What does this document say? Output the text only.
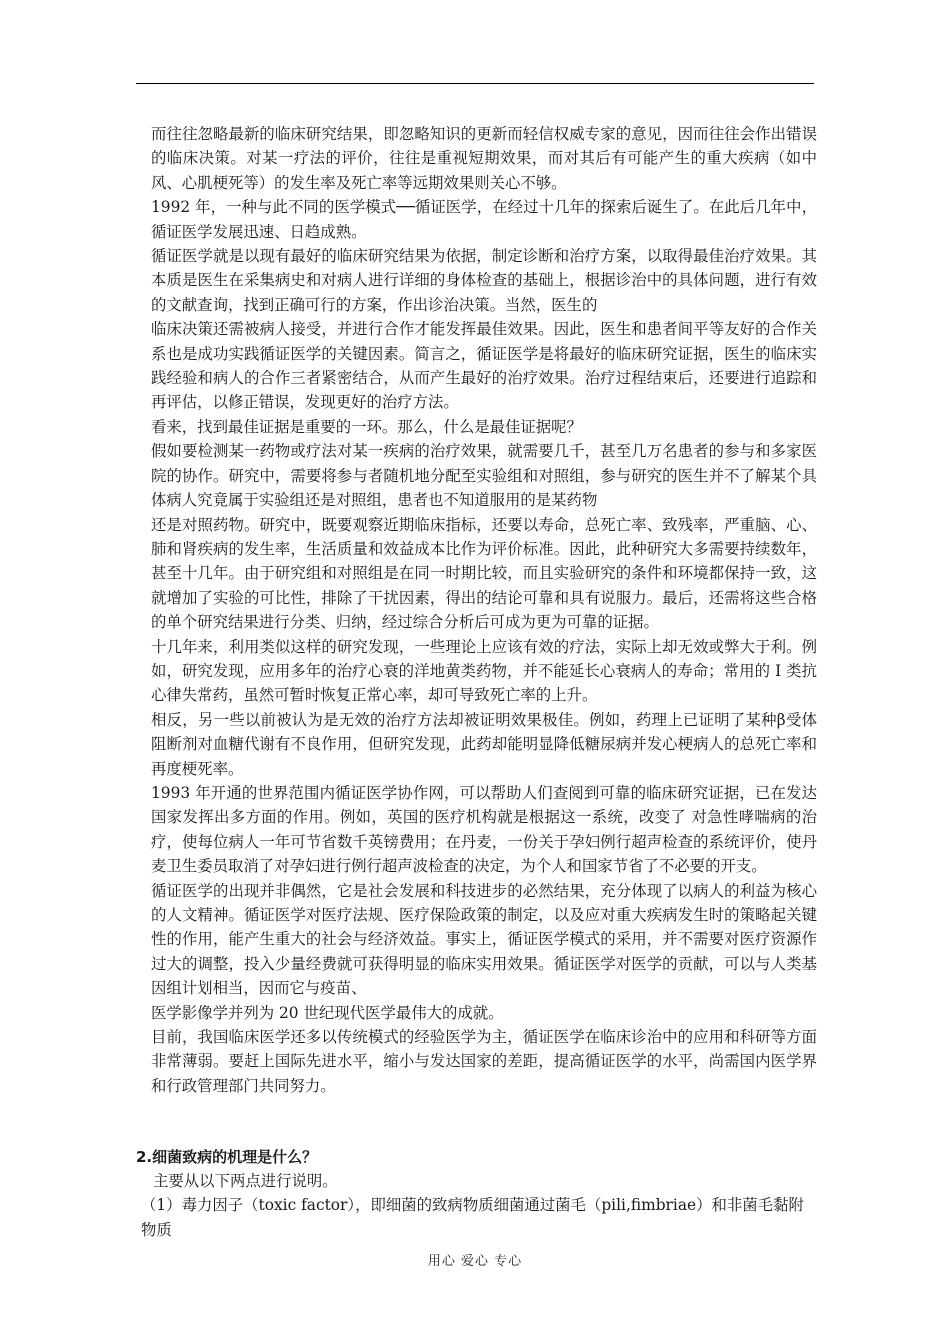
而往往忽略最新的临床研究结果，即忽略知识的更新而轻信权威专家的意见，因而往往会作出错误的临床决策。对某一疗法的评价，往往是重视短期效果，而对其后有可能产生的重大疾病（如中风、心肌梗死等）的发生率及死亡率等远期效果则关心不够。

1992 年，一种与此不同的医学模式──循证医学，在经过十几年的探索后诞生了。在此后几年中，循证医学发展迅速、日趋成熟。

循证医学就是以现有最好的临床研究结果为依据，制定诊断和治疗方案，以取得最佳治疗效果。其本质是医生在采集病史和对病人进行详细的身体检查的基础上，根据诊治中的具体问题，进行有效的文献查询，找到正确可行的方案，作出诊治决策。当然，医生的

临床决策还需被病人接受，并进行合作才能发挥最佳效果。因此，医生和患者间平等友好的合作关系也是成功实践循证医学的关键因素。简言之，循证医学是将最好的临床研究证据，医生的临床实践经验和病人的合作三者紧密结合，从而产生最好的治疗效果。治疗过程结束后，还要进行追踪和再评估，以修正错误，发现更好的治疗方法。

看来，找到最佳证据是重要的一环。那么，什么是最佳证据呢？

假如要检测某一药物或疗法对某一疾病的治疗效果，就需要几千，甚至几万名患者的参与和多家医院的协作。研究中，需要将参与者随机地分配至实验组和对照组，参与研究的医生并不了解某个具体病人究竟属于实验组还是对照组，患者也不知道服用的是某药物

还是对照药物。研究中，既要观察近期临床指标，还要以寿命，总死亡率、致残率，严重脑、心、肺和肾疾病的发生率，生活质量和效益成本比作为评价标准。因此，此种研究大多需要持续数年，甚至十几年。由于研究组和对照组是在同一时期比较，而且实验研究的条件和环境都保持一致，这就增加了实验的可比性，排除了干扰因素，得出的结论可靠和具有说服力。最后，还需将这些合格的单个研究结果进行分类、归纳，经过综合分析后可成为更为可靠的证据。

十几年来，利用类似这样的研究发现，一些理论上应该有效的疗法，实际上却无效或弊大于利。例如，研究发现，应用多年的治疗心衰的洋地黄类药物，并不能延长心衰病人的寿命；常用的 I 类抗心律失常药，虽然可暂时恢复正常心率，却可导致死亡率的上升。

相反，另一些以前被认为是无效的治疗方法却被证明效果极佳。例如，药理上已证明了某种β受体阻断剂对血糖代谢有不良作用，但研究发现，此药却能明显降低糖尿病并发心梗病人的总死亡率和再度梗死率。

1993 年开通的世界范围内循证医学协作网，可以帮助人们查阅到可靠的临床研究证据，已在发达国家发挥出多方面的作用。例如，英国的医疗机构就是根据这一系统，改变了 对急性哮喘病的治疗，使每位病人一年可节省数千英镑费用；在丹麦，一份关于孕妇例行超声检查的系统评价，使丹麦卫生委员取消了对孕妇进行例行超声波检查的决定，为个人和国家节省了不必要的开支。

循证医学的出现并非偶然，它是社会发展和科技进步的必然结果，充分体现了以病人的利益为核心的人文精神。循证医学对医疗法规、医疗保险政策的制定，以及应对重大疾病发生时的策略起关键性的作用，能产生重大的社会与经济效益。事实上，循证医学模式的采用，并不需要对医疗资源作过大的调整，投入少量经费就可获得明显的临床实用效果。循证医学对医学的贡献，可以与人类基因组计划相当，因而它与疫苗、

医学影像学并列为 20 世纪现代医学最伟大的成就。

目前，我国临床医学还多以传统模式的经验医学为主，循证医学在临床诊治中的应用和科研等方面非常薄弱。要赶上国际先进水平，缩小与发达国家的差距，提高循证医学的水平，尚需国内医学界和行政管理部门共同努力。

2.细菌致病的机理是什么？

主要从以下两点进行说明。

（1）毒力因子（toxic factor），即细菌的致病物质细菌通过菌毛（pili,fimbriae）和非菌毛黏附物质

用心 爱心 专心
